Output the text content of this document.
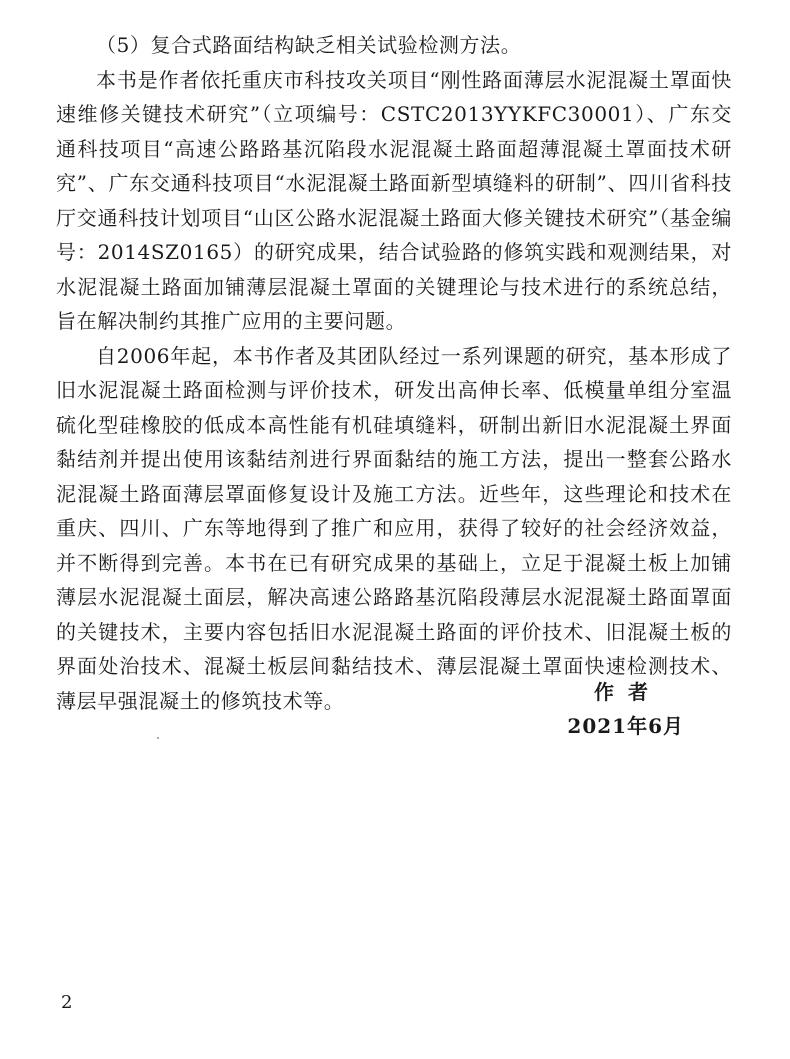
（5）复合式路面结构缺乏相关试验检测方法。

本书是作者依托重庆市科技攻关项目“刚性路面薄层水泥混凝土罩面快速维修关键技术研究”（立项编号：CSTC2013YYKFC30001）、广东交通科技项目“高速公路路基沉陷段水泥混凝土路面超薄混凝土罩面技术研究”、广东交通科技项目“水泥混凝土路面新型填缝料的研制”、四川省科技厅交通科技计划项目“山区公路水泥混凝土路面大修关键技术研究”（基金编号：2014SZ0165）的研究成果，结合试验路的修筑实践和观测结果，对水泥混凝土路面加铺薄层混凝土罩面的关键理论与技术进行的系统总结，旨在解决制约其推广应用的主要问题。

自2006年起，本书作者及其团队经过一系列课题的研究，基本形成了旧水泥混凝土路面检测与评价技术，研发出高伸长率、低模量单组分室温硫化型硅橡胶的低成本高性能有机硅填缝料，研制出新旧水泥混凝土界面黏结剂并提出使用该黏结剂进行界面黏结的施工方法，提出一整套公路水泥混凝土路面薄层罩面修复设计及施工方法。近些年，这些理论和技术在重庆、四川、广东等地得到了推广和应用，获得了较好的社会经济效益，并不断得到完善。本书在已有研究成果的基础上，立足于混凝土板上加铺薄层水泥混凝土面层，解决高速公路路基沉陷段薄层水泥混凝土路面罩面的关键技术，主要内容包括旧水泥混凝土路面的评价技术、旧混凝土板的界面处治技术、混凝土板层间黏结技术、薄层混凝土罩面快速检测技术、薄层早强混凝土的修筑技术等。	作者
2021年6月
2
